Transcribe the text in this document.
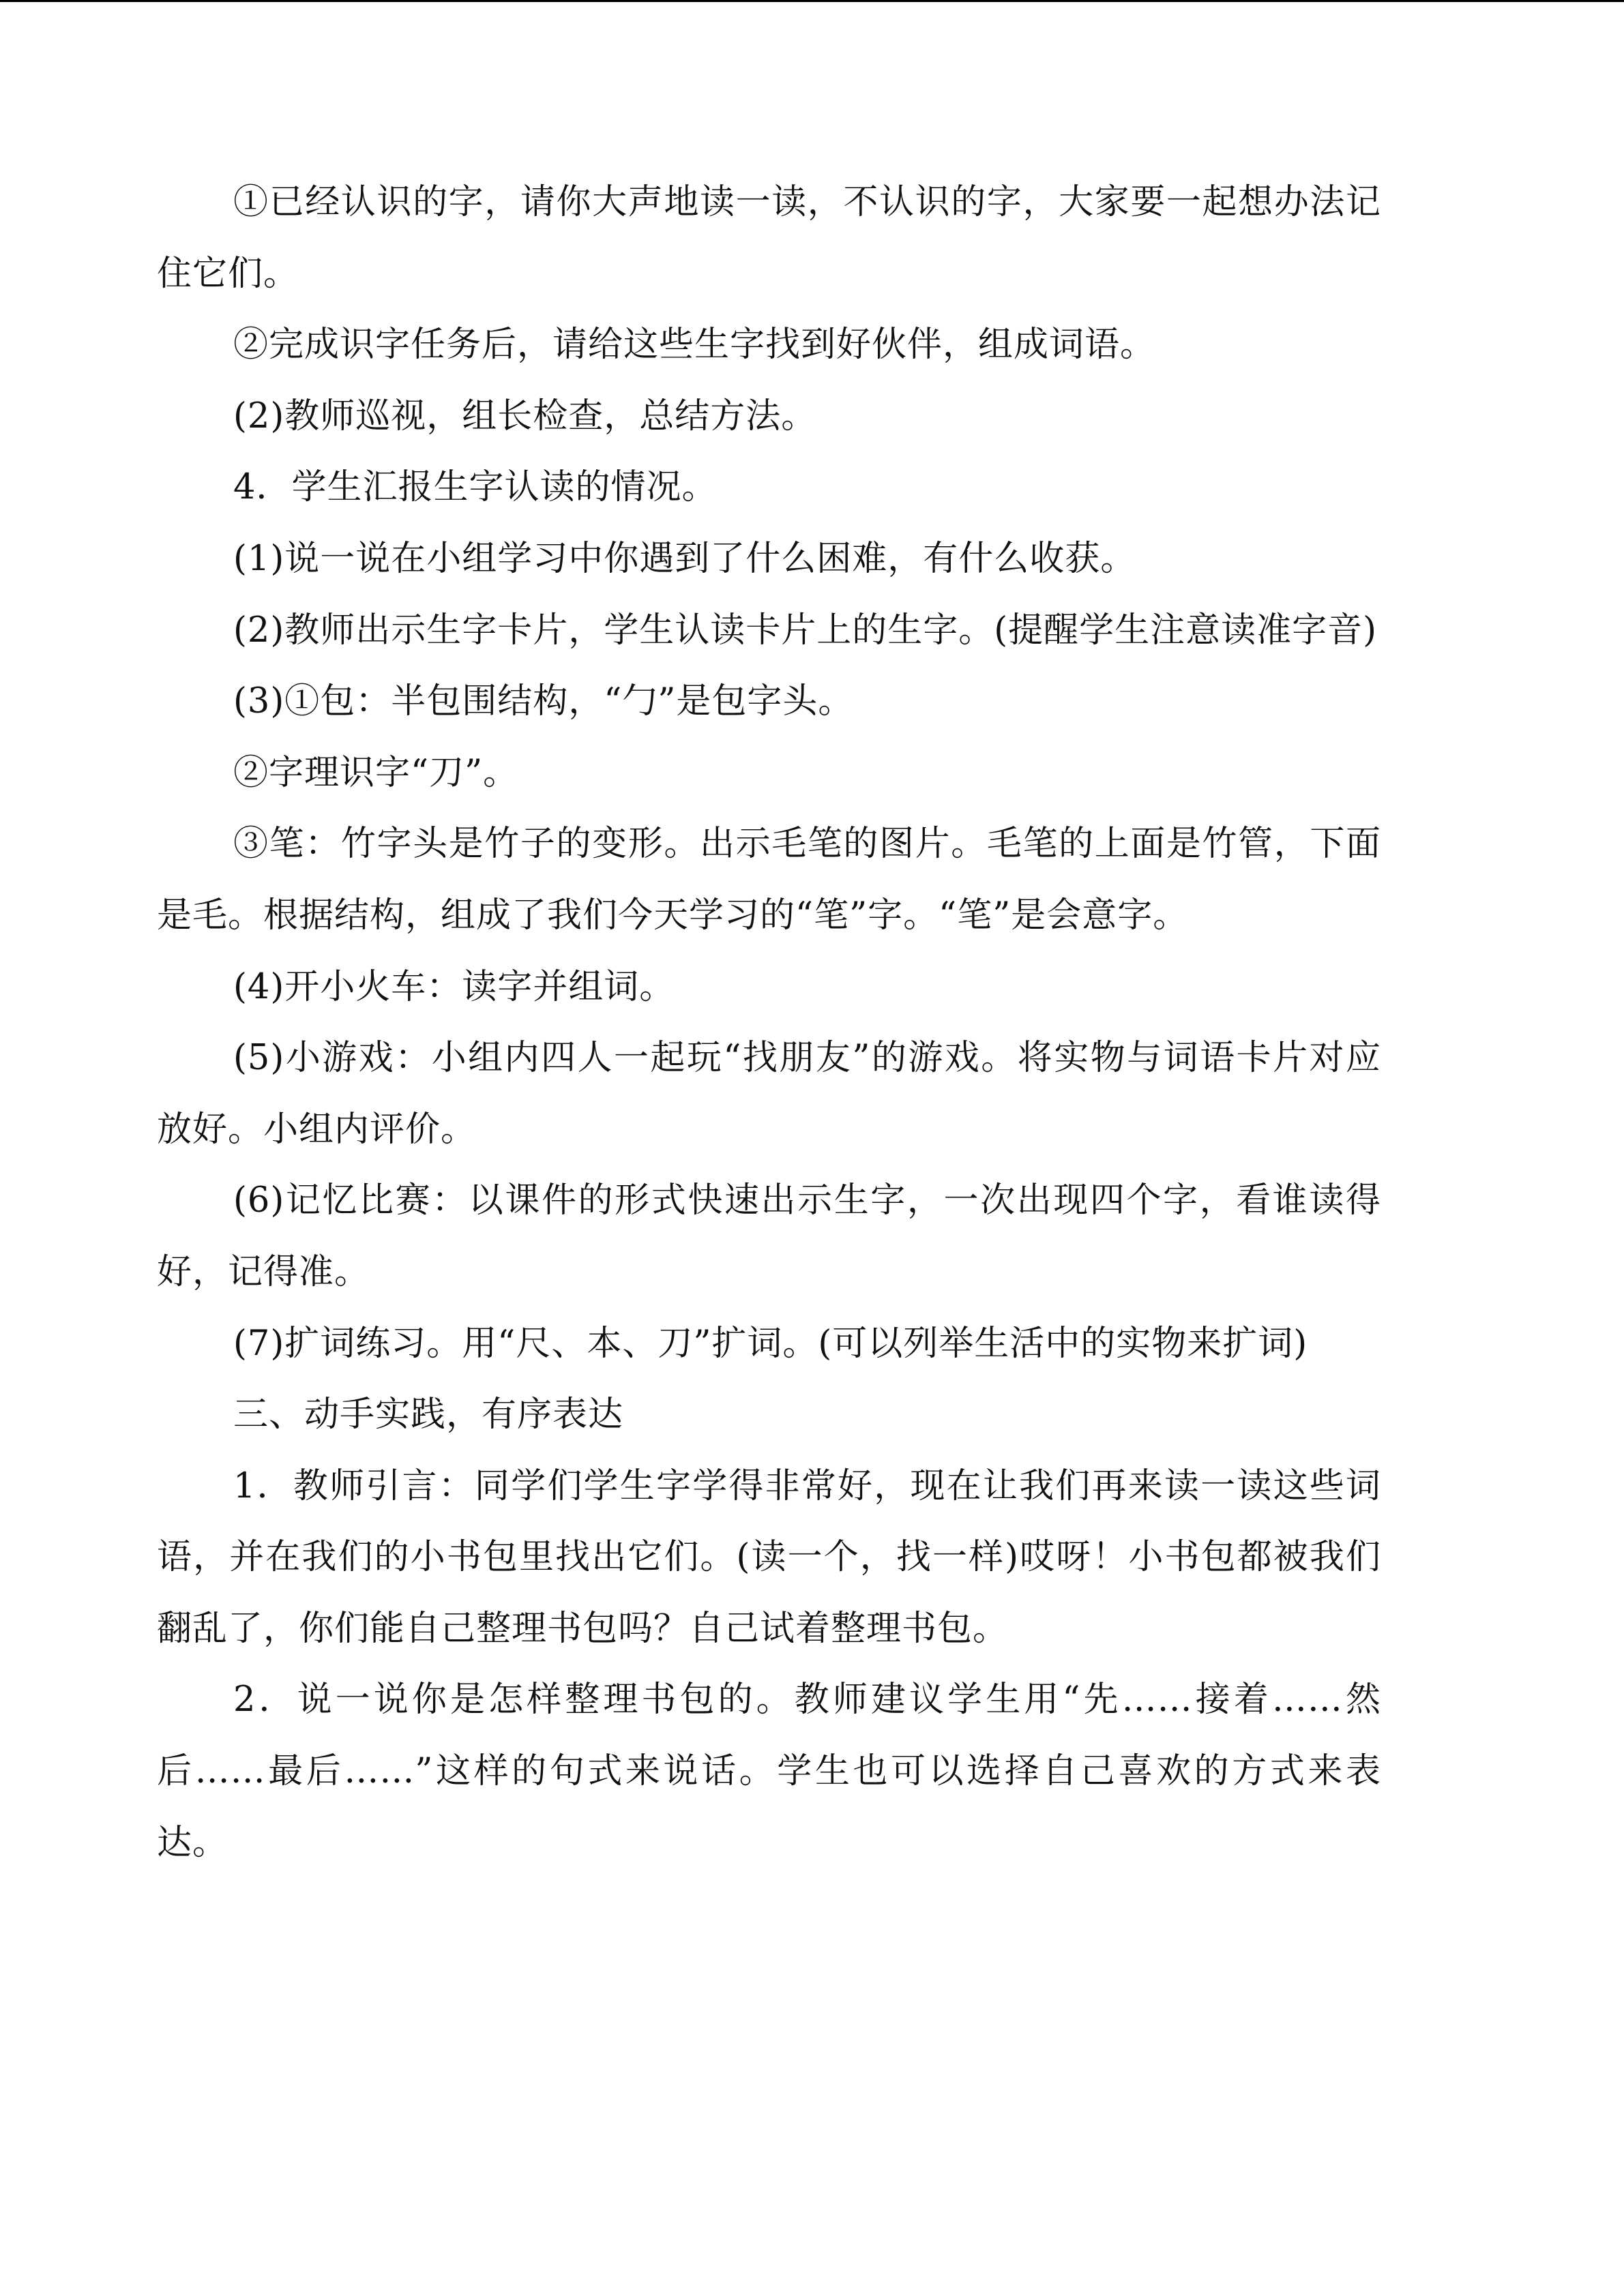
①已经认识的字，请你大声地读一读，不认识的字，大家要一起想办法记住它们。

②完成识字任务后，请给这些生字找到好伙伴，组成词语。

(2)教师巡视，组长检查，总结方法。

4．学生汇报生字认读的情况。

(1)说一说在小组学习中你遇到了什么困难，有什么收获。

(2)教师出示生字卡片，学生认读卡片上的生字。(提醒学生注意读准字音)

(3)①包：半包围结构，“勹”是包字头。

②字理识字“刀”。

③笔：竹字头是竹子的变形。出示毛笔的图片。毛笔的上面是竹管，下面是毛。根据结构，组成了我们今天学习的“笔”字。“笔”是会意字。

(4)开小火车：读字并组词。

(5)小游戏：小组内四人一起玩“找朋友”的游戏。将实物与词语卡片对应放好。小组内评价。

(6)记忆比赛：以课件的形式快速出示生字，一次出现四个字，看谁读得好，记得准。

(7)扩词练习。用“尺、本、刀”扩词。(可以列举生活中的实物来扩词)

三、动手实践，有序表达

1．教师引言：同学们学生字学得非常好，现在让我们再来读一读这些词语，并在我们的小书包里找出它们。(读一个，找一样)哎呀！小书包都被我们翻乱了，你们能自己整理书包吗？自己试着整理书包。

2．说一说你是怎样整理书包的。教师建议学生用“先……接着……然后……最后……”这样的句式来说话。学生也可以选择自己喜欢的方式来表达。
